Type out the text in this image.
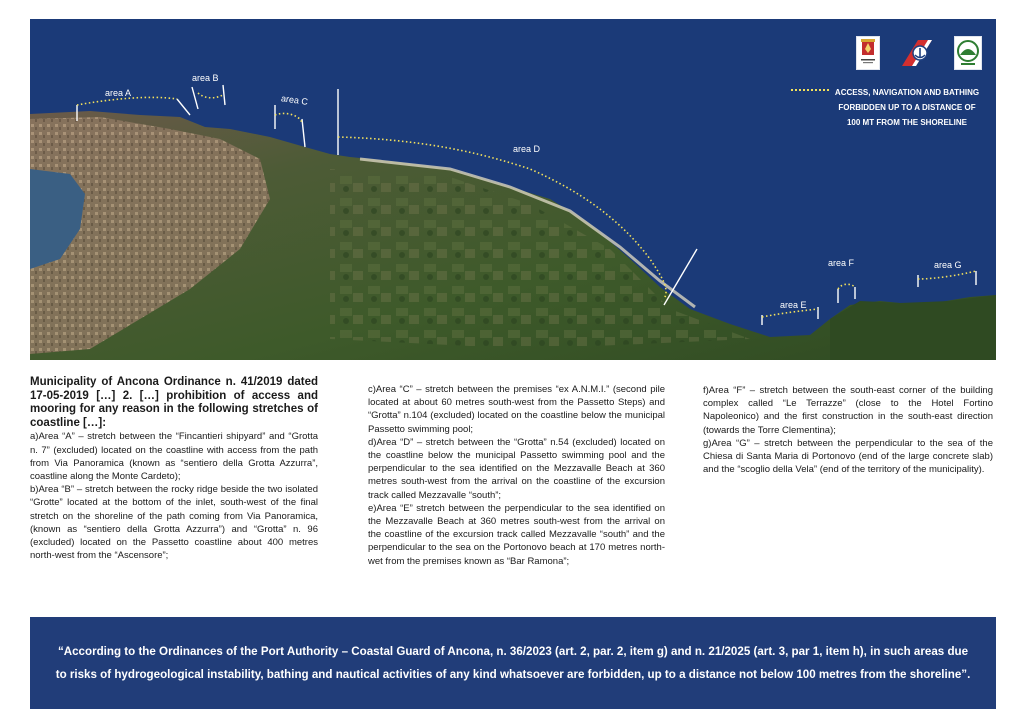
area A
area B
area C
area D
area E
area F	area G
ACCESS, NAVIGATION AND BATHING FORBIDDEN UP TO A DISTANCE OF 100 MT FROM THE SHORELINE

Municipality of Ancona Ordinance n. 41/2019 dated 17-05-2019 […] 2. […] prohibition of access and mooring for any reason in the following stretches of coastline […]:

a)Area “A” – stretch between the “Fincantieri shipyard” and “Grotta n. 7” (excluded) located on the coastline with access from the path from Via Panoramica (known as “sentiero della Grotta Azzurra”, coastline along the Monte Cardeto);

b)Area “B” – stretch between the rocky ridge beside the two isolated “Grotte” located at the bottom of the inlet, south-west of the final stretch on the shoreline of the path coming from Via Panoramica, (known as “sentiero della Grotta Azzurra”) and “Grotta” n. 96 (excluded) located on the Passetto coastline about 400 metres north-west from the “Ascensore”;

c)Area “C” – stretch between the premises “ex A.N.M.I.” (second pile located at about 60 metres south-west from the Passetto Steps) and “Grotta” n.104 (excluded) located on the coastline below the municipal Passetto swimming pool;

d)Area “D” – stretch between the “Grotta” n.54 (excluded) located on the coastline below the municipal Passetto swimming pool and the perpendicular to the sea identified on the Mezzavalle Beach at 360 metres south-west from the arrival on the coastline of the excursion track called Mezzavalle “south”;

e)Area “E” stretch between the perpendicular to the sea identified on the Mezzavalle Beach at 360 metres south-west from the arrival on the coastline of the excursion track called Mezzavalle “south” and the perpendicular to the sea on the Portonovo beach at 170 metres north-wet from the premises known as “Bar Ramona”;

f)Area “F” – stretch between the south-east corner of the building complex called “Le Terrazze” (close to the Hotel Fortino Napoleonico) and the first construction in the south-east direction (towards the Torre Clementina);

g)Area “G” – stretch between the perpendicular to the sea of the Chiesa di Santa Maria di Portonovo (end of the large concrete slab) and the “scoglio della Vela” (end of the territory of the municipality).

“According to the Ordinances of the Port Authority – Coastal Guard of Ancona, n. 36/2023 (art. 2, par. 2, item g) and n. 21/2025 (art. 3, par 1, item h), in such areas due to risks of hydrogeological instability, bathing and nautical activities of any kind whatsoever are forbidden, up to a distance not below 100 metres from the shoreline”.
